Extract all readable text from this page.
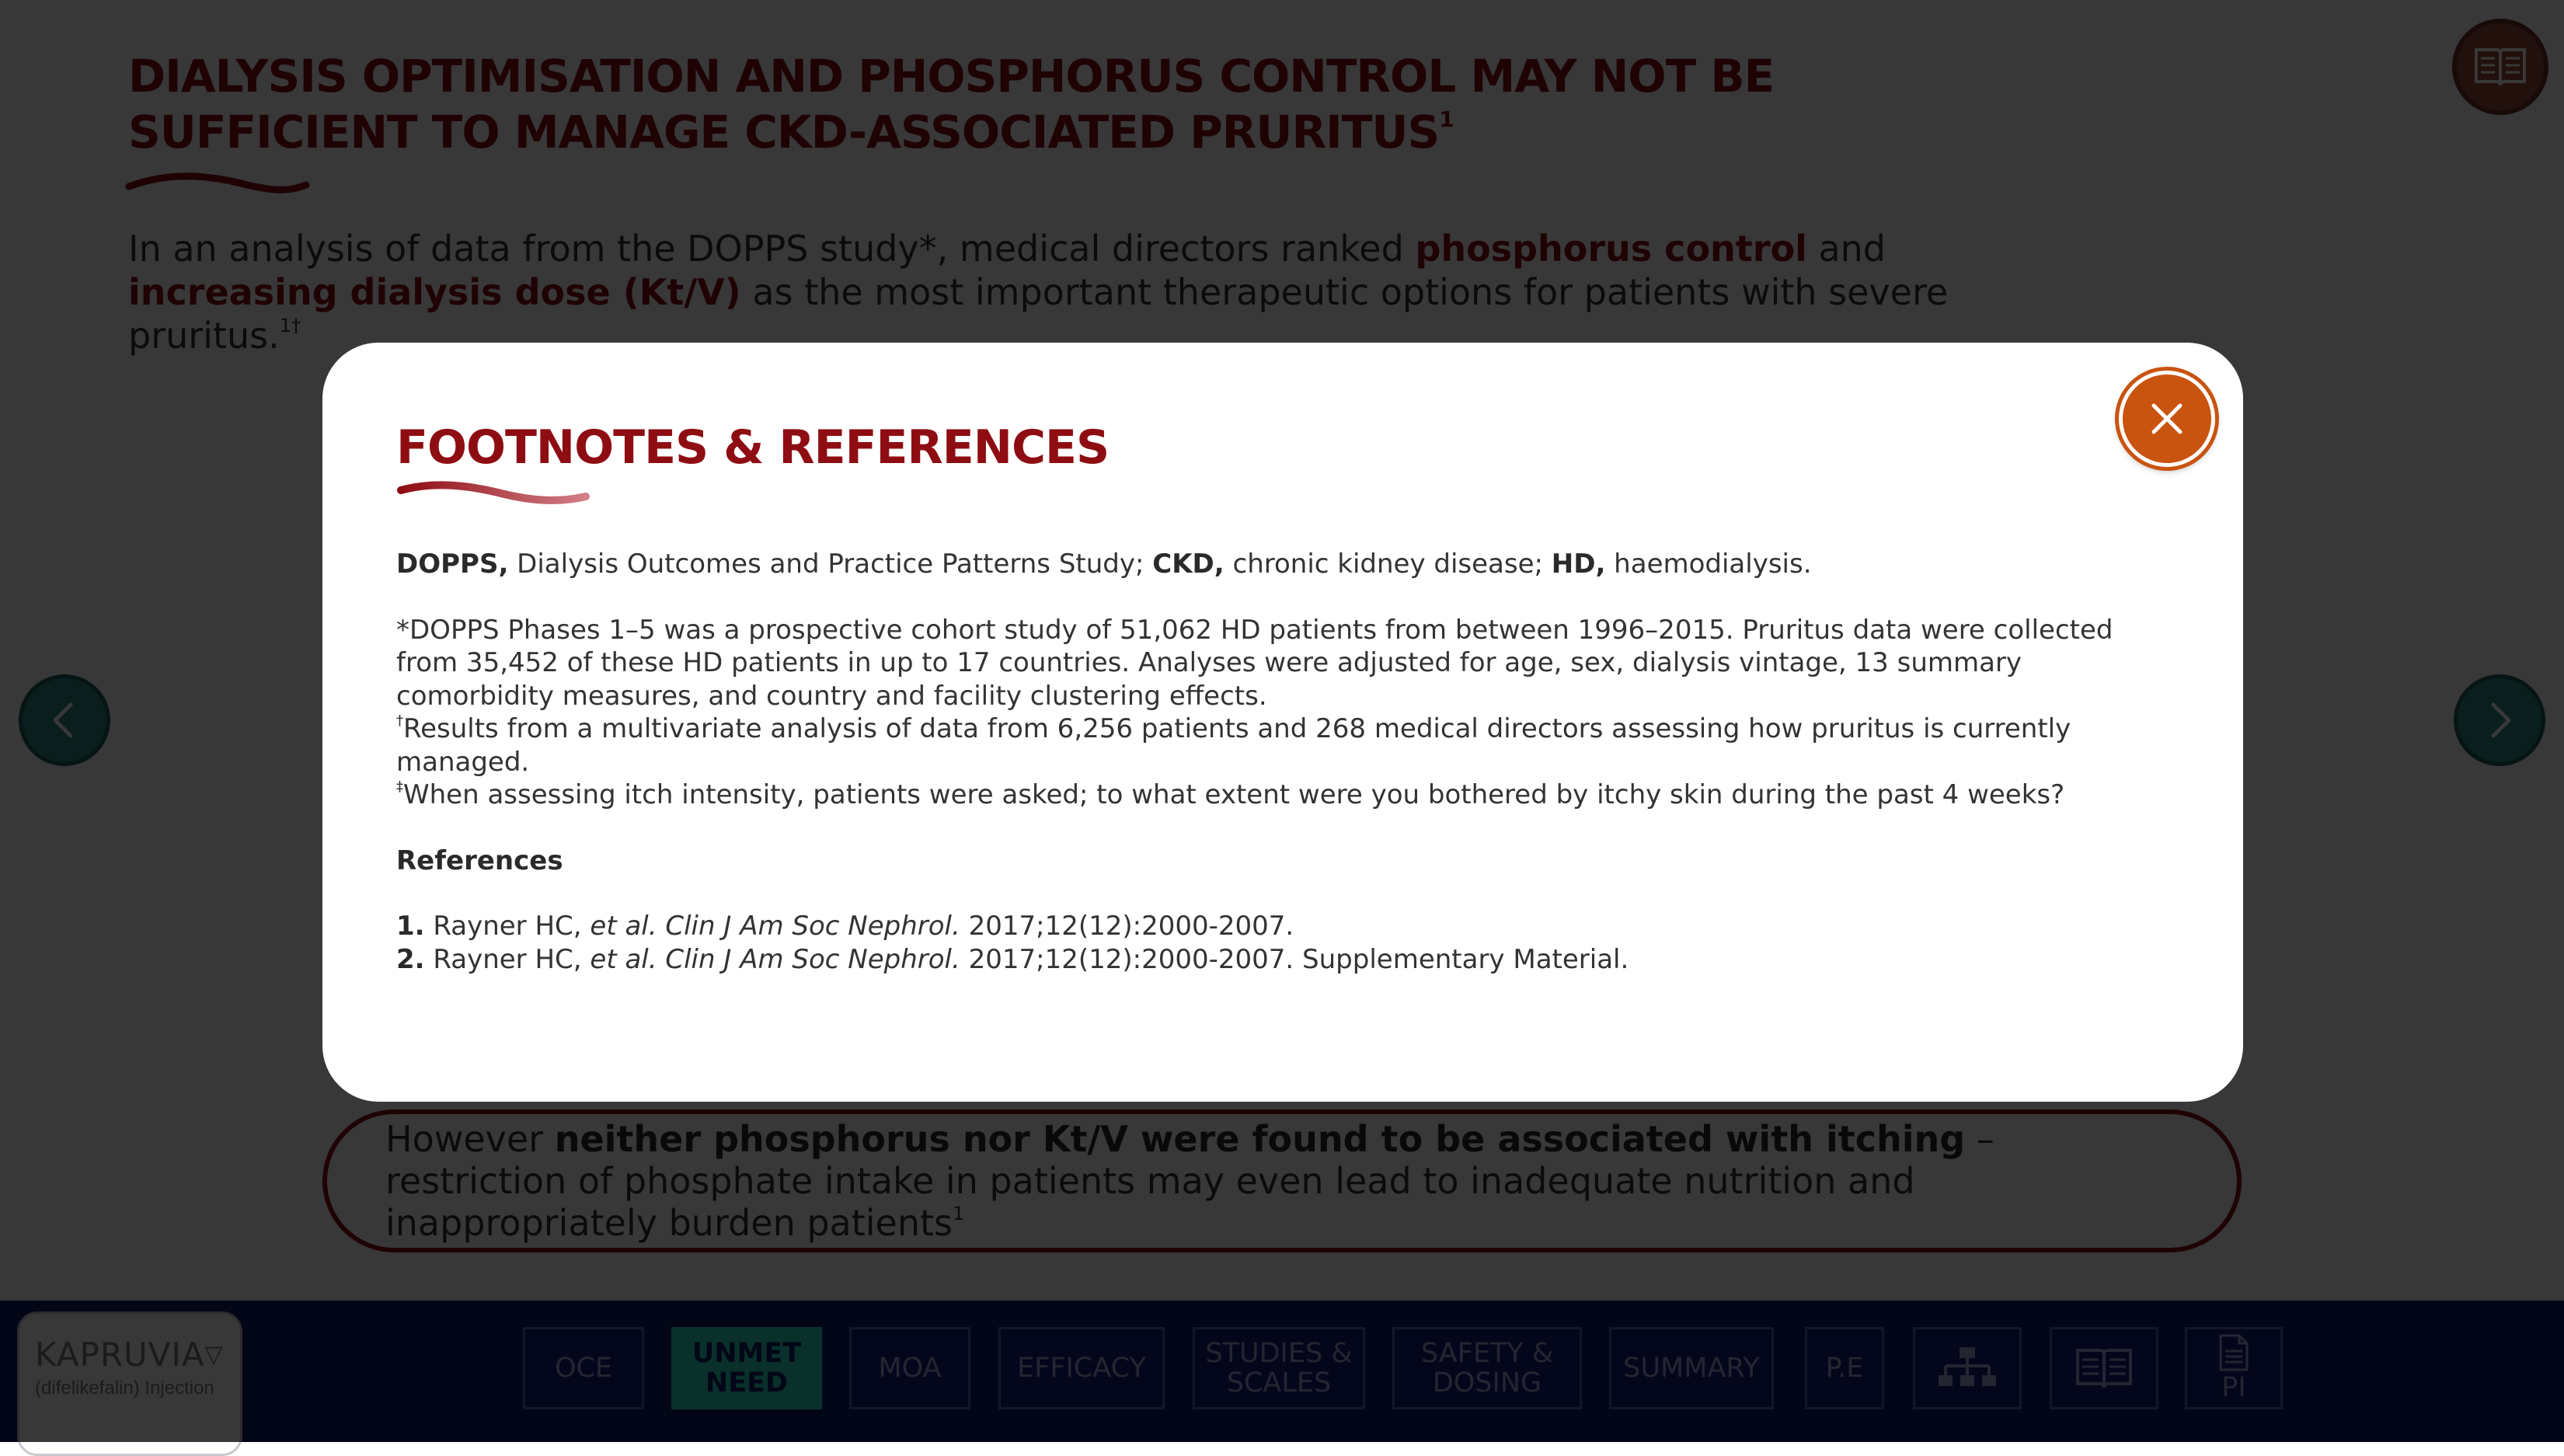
FOOTNOTES & REFERENCES

DOPPS, Dialysis Outcomes and Practice Patterns Study; CKD, chronic kidney disease; HD, haemodialysis.

*DOPPS Phases 1–5 was a prospective cohort study of 51,062 HD patients from between 1996–2015. Pruritus data were collected from 35,452 of these HD patients in up to 17 countries. Analyses were adjusted for age, sex, dialysis vintage, 13 summary comorbidity measures, and country and facility clustering effects.

†Results from a multivariate analysis of data from 6,256 patients and 268 medical directors assessing how pruritus is currently managed.

‡When assessing itch intensity, patients were asked; to what extent were you bothered by itchy skin during the past 4 weeks?

References

1. Rayner HC, et al. Clin J Am Soc Nephrol. 2017;12(12):2000-2007.

2. Rayner HC, et al. Clin J Am Soc Nephrol. 2017;12(12):2000-2007. Supplementary Material.
